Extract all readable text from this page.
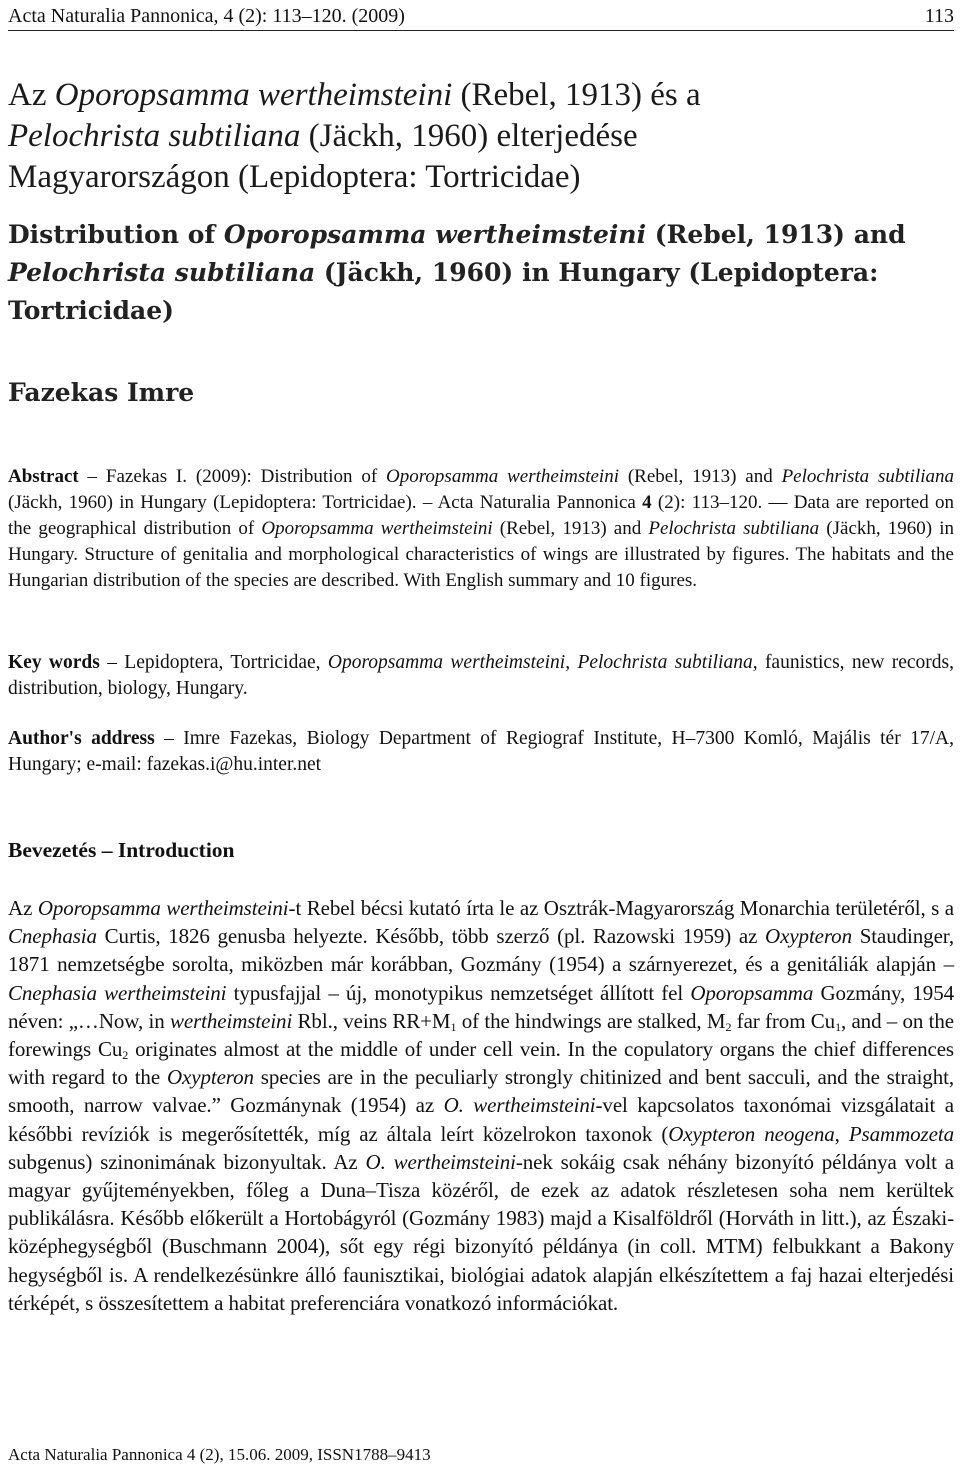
Acta Naturalia Pannonica, 4 (2): 113–120. (2009)	113
Az Oporopsamma wertheimsteini (Rebel, 1913) és a
Pelochrista subtiliana (Jäckh, 1960) elterjedése
Magyarországon (Lepidoptera: Tortricidae)
Distribution of Oporopsamma wertheimsteini (Rebel, 1913) and
Pelochrista subtiliana (Jäckh, 1960) in Hungary (Lepidoptera:
Tortricidae)
Fazekas Imre
Abstract – Fazekas I. (2009): Distribution of Oporopsamma wertheimsteini (Rebel, 1913) and Pelochrista subtiliana (Jäckh, 1960) in Hungary (Lepidoptera: Tortricidae). – Acta Naturalia Pannonica 4 (2): 113–120. — Data are reported on the geographical distribution of Oporopsamma wertheimsteini (Rebel, 1913) and Pelochrista subtiliana (Jäckh, 1960) in Hungary. Structure of genitalia and morphological characteristics of wings are illustrated by figures. The habitats and the Hungarian distribution of the species are described. With English summary and 10 figures.
Key words – Lepidoptera, Tortricidae, Oporopsamma wertheimsteini, Pelochrista subtiliana, faunistics, new records, distribution, biology, Hungary.
Author's address – Imre Fazekas, Biology Department of Regiograf Institute, H–7300 Komló, Majális tér 17/A, Hungary; e-mail: fazekas.i@hu.inter.net
Bevezetés – Introduction
Az Oporopsamma wertheimsteini-t Rebel bécsi kutató írta le az Osztrák-Magyarország Monarchia területéről, s a Cnephasia Curtis, 1826 genusba helyezte. Később, több szerző (pl. Razowski 1959) az Oxypteron Staudinger, 1871 nemzetségbe sorolta, miközben már korábban, Gozmány (1954) a szárnyerezet, és a genitáliák alapján – Cnephasia wertheimsteini typusfajjal – új, monotypikus nemzetséget állított fel Oporopsamma Gozmány, 1954 néven: „…Now, in wertheimsteini Rbl., veins $RR+M_1$ of the hindwings are stalked, $M_2$ far from $Cu_1$, and – on the forewings $Cu_2$ originates almost at the middle of under cell vein. In the copulatory organs the chief differences with regard to the Oxypteron species are in the peculiarly strongly chitinized and bent sacculi, and the straight, smooth, narrow valvae.” Gozmánynak (1954) az O. wertheimsteini-vel kapcsolatos taxonómai vizsgálatait a későbbi revíziók is megerősítették, míg az általa leírt közelrokon taxonok (Oxypteron neogena, Psammozeta subgenus) szinonimának bizonyultak. Az O. wertheimsteini-nek sokáig csak néhány bizonyító példánya volt a magyar gyűjteményekben, főleg a Duna–Tisza közéről, de ezek az adatok részletesen soha nem kerültek publikálásra. Később előkerült a Hortobágyról (Gozmány 1983) majd a Kisalföldről (Horváth in litt.), az Északi-középhegységből (Buschmann 2004), sőt egy régi bizonyító példánya (in coll. MTM) felbukkant a Bakony hegységből is. A rendelkezésünkre álló faunisztikai, biológiai adatok alapján elkészítettem a faj hazai elterjedési térképét, s összesítettem a habitat preferenciára vonatkozó információkat.
Acta Naturalia Pannonica 4 (2), 15.06. 2009, ISSN1788–9413
